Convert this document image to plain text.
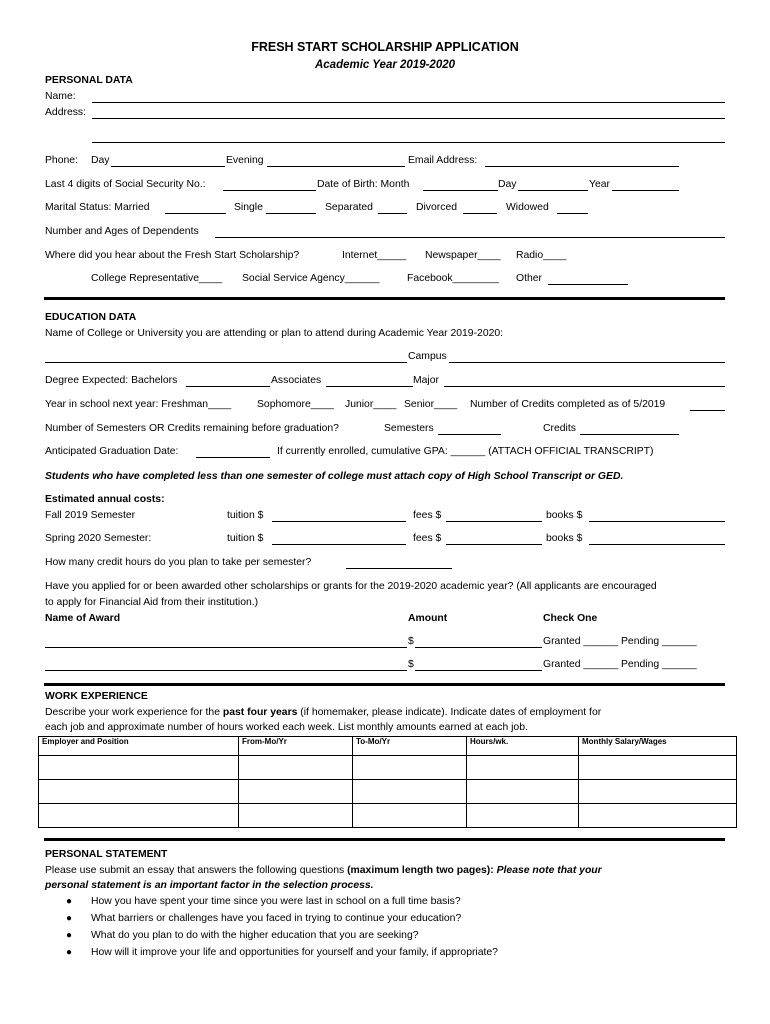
FRESH START SCHOLARSHIP APPLICATION
Academic Year 2019-2020
PERSONAL DATA
Name:
Address:
Phone: Day	Evening	Email Address:
Last 4 digits of Social Security No.:	Date of Birth: Month	Day	Year
Marital Status: Married	Single	Separated	Divorced	Widowed
Number and Ages of Dependents
Where did you hear about the Fresh Start Scholarship?	Internet_____ Newspaper____ Radio____
College Representative____ Social Service Agency______	Facebook________ Other
EDUCATION DATA
Name of College or University you are attending or plan to attend during Academic Year 2019-2020:
Campus
Degree Expected: Bachelors	Associates	Major
Year in school next year: Freshman____ Sophomore____ Junior____ Senior____ Number of Credits completed as of 5/2019
Number of Semesters OR Credits remaining before graduation?	Semesters	Credits
Anticipated Graduation Date:	If currently enrolled, cumulative GPA: ______ (ATTACH OFFICIAL TRANSCRIPT)
Students who have completed less than one semester of college must attach copy of High School Transcript or GED.
Estimated annual costs:
Fall 2019 Semester	tuition $	fees $	books $
Spring 2020 Semester:	tuition $	fees $	books $
How many credit hours do you plan to take per semester?
Have you applied for or been awarded other scholarships or grants for the 2019-2020 academic year? (All applicants are encouraged
to apply for Financial Aid from their institution.)
Name of Award	Amount	Check One
$	Granted ______ Pending ______
$	Granted ______ Pending ______
WORK EXPERIENCE
Describe your work experience for the past four years (if homemaker, please indicate). Indicate dates of employment for
each job and approximate number of hours worked each week. List monthly amounts earned at each job.
Employer and Position	From-Mo/Yr	To-Mo/Yr	Hours/wk.	Monthly Salary/Wages

PERSONAL STATEMENT
Please use submit an essay that answers the following questions (maximum length two pages): Please note that your
personal statement is an important factor in the selection process.
● How you have spent your time since you were last in school on a full time basis?
● What barriers or challenges have you faced in trying to continue your education?
● What do you plan to do with the higher education that you are seeking?
● How will it improve your life and opportunities for yourself and your family, if appropriate?
